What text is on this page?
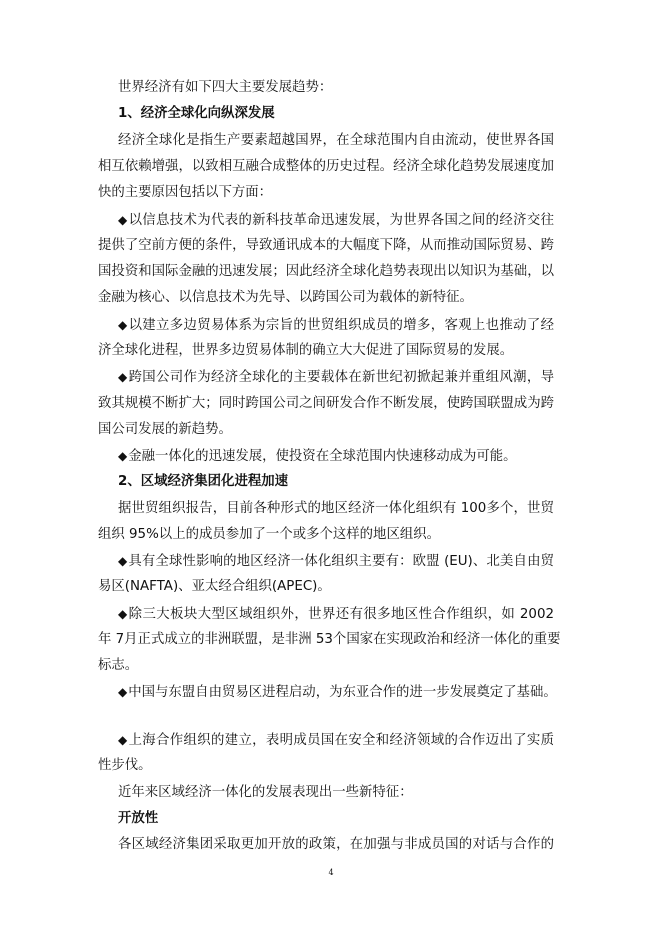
世界经济有如下四大主要发展趋势：
1、经济全球化向纵深发展
经济全球化是指生产要素超越国界，在全球范围内自由流动，使世界各国
相互依赖增强，以致相互融合成整体的历史过程。经济全球化趋势发展速度加
快的主要原因包括以下方面：
◆以信息技术为代表的新科技革命迅速发展，为世界各国之间的经济交往
提供了空前方便的条件，导致通讯成本的大幅度下降，从而推动国际贸易、跨
国投资和国际金融的迅速发展；因此经济全球化趋势表现出以知识为基础，以
金融为核心、以信息技术为先导、以跨国公司为载体的新特征。
◆以建立多边贸易体系为宗旨的世贸组织成员的增多，客观上也推动了经
济全球化进程，世界多边贸易体制的确立大大促进了国际贸易的发展。
◆跨国公司作为经济全球化的主要载体在新世纪初掀起兼并重组风潮，导
致其规模不断扩大；同时跨国公司之间研发合作不断发展，使跨国联盟成为跨
国公司发展的新趋势。
◆金融一体化的迅速发展，使投资在全球范围内快速移动成为可能。
2、区域经济集团化进程加速
据世贸组织报告，目前各种形式的地区经济一体化组织有 100多个，世贸
组织 95%以上的成员参加了一个或多个这样的地区组织。
◆具有全球性影响的地区经济一体化组织主要有：欧盟 (EU)、北美自由贸
易区(NAFTA)、亚太经合组织(APEC)。
◆除三大板块大型区域组织外，世界还有很多地区性合作组织，如 2002
年 7月正式成立的非洲联盟，是非洲 53个国家在实现政治和经济一体化的重要
标志。
◆中国与东盟自由贸易区进程启动，为东亚合作的进一步发展奠定了基础。
◆上海合作组织的建立，表明成员国在安全和经济领域的合作迈出了实质
性步伐。
近年来区域经济一体化的发展表现出一些新特征：
开放性
各区域经济集团采取更加开放的政策，在加强与非成员国的对话与合作的
4
